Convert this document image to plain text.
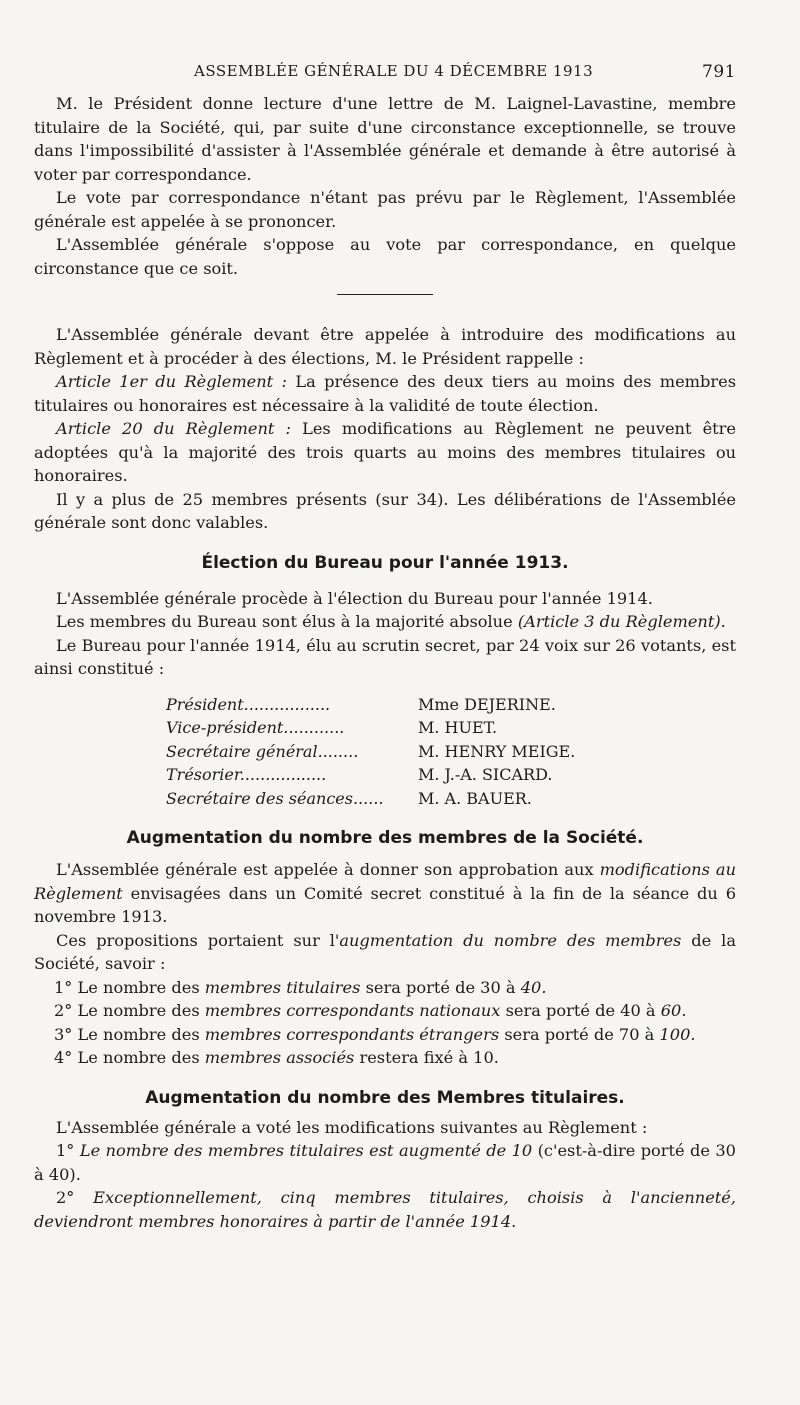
ASSEMBLÉE GÉNÉRALE DU 4 DÉCEMBRE 1913	791

M. le Président donne lecture d'une lettre de M. Laignel-Lavastine, membre titulaire de la Société, qui, par suite d'une circonstance exceptionnelle, se trouve dans l'impossibilité d'assister à l'Assemblée générale et demande à être autorisé à voter par correspondance.

Le vote par correspondance n'étant pas prévu par le Règlement, l'Assemblée générale est appelée à se prononcer.

L'Assemblée générale s'oppose au vote par correspondance, en quelque circonstance que ce soit.

L'Assemblée générale devant être appelée à introduire des modifications au Règlement et à procéder à des élections, M. le Président rappelle :

Article 1er du Règlement : La présence des deux tiers au moins des membres titulaires ou honoraires est nécessaire à la validité de toute élection.

Article 20 du Règlement : Les modifications au Règlement ne peuvent être adoptées qu'à la majorité des trois quarts au moins des membres titulaires ou honoraires.

Il y a plus de 25 membres présents (sur 34). Les délibérations de l'Assemblée générale sont donc valables.

Élection du Bureau pour l'année 1913.

L'Assemblée générale procède à l'élection du Bureau pour l'année 1914.

Les membres du Bureau sont élus à la majorité absolue (Article 3 du Règlement).

Le Bureau pour l'année 1914, élu au scrutin secret, par 24 voix sur 26 votants, est ainsi constitué :

Président.................	Mme DEJERINE.
Vice-président............	M. HUET.
Secrétaire général........	M. HENRY MEIGE.
Trésorier.................	M. J.-A. SICARD.
Secrétaire des séances......	M. A. BAUER.
Augmentation du nombre des membres de la Société.

L'Assemblée générale est appelée à donner son approbation aux modifications au Règlement envisagées dans un Comité secret constitué à la fin de la séance du 6 novembre 1913.

Ces propositions portaient sur l'augmentation du nombre des membres de la Société, savoir :

1° Le nombre des membres titulaires sera porté de 30 à 40.

2° Le nombre des membres correspondants nationaux sera porté de 40 à 60.

3° Le nombre des membres correspondants étrangers sera porté de 70 à 100.

4° Le nombre des membres associés restera fixé à 10.

Augmentation du nombre des Membres titulaires.

L'Assemblée générale a voté les modifications suivantes au Règlement :

1° Le nombre des membres titulaires est augmenté de 10 (c'est-à-dire porté de 30 à 40).

2° Exceptionnellement, cinq membres titulaires, choisis à l'ancienneté, deviendront membres honoraires à partir de l'année 1914.
